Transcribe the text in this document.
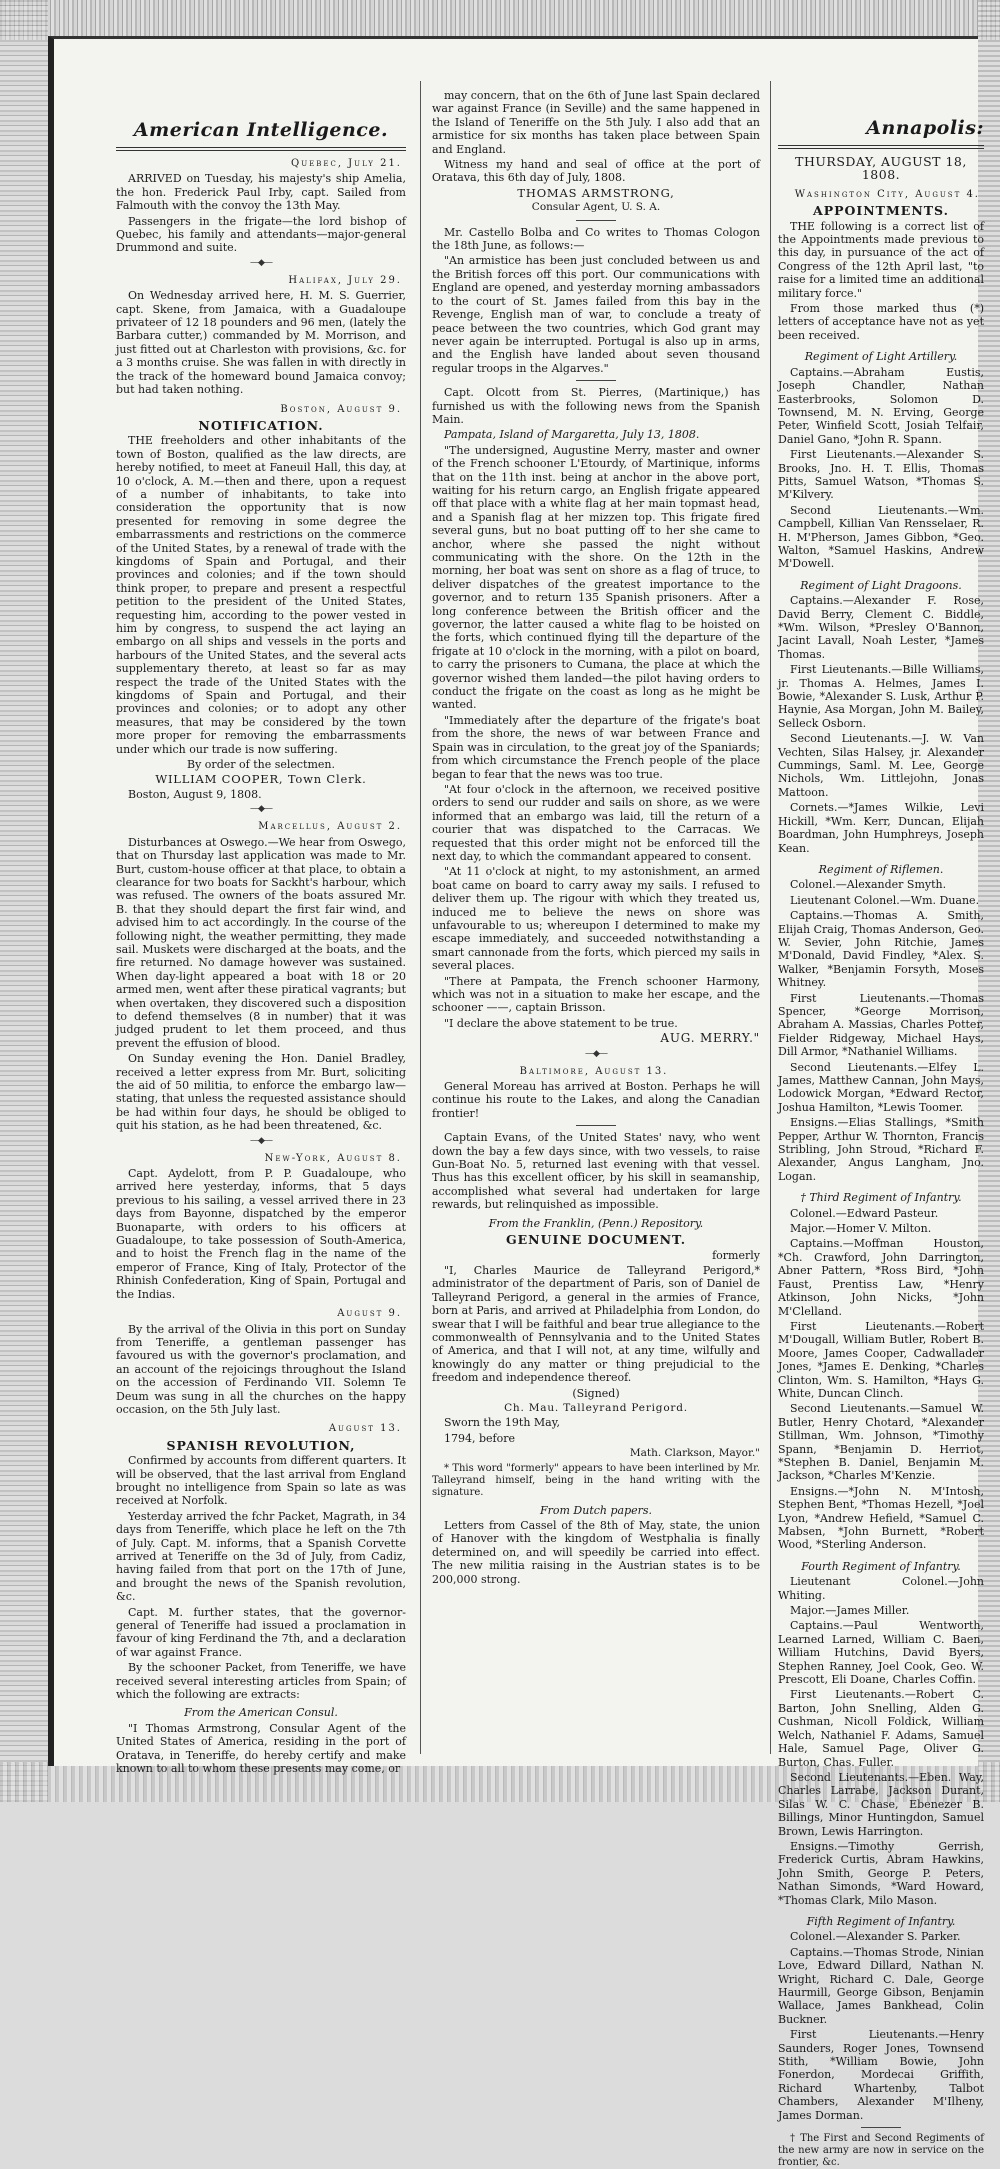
American Intelligence.

Quebec, July 21.

ARRIVED on Tuesday, his majesty's ship Amelia, the hon. Frederick Paul Irby, capt. Sailed from Falmouth with the convoy the 13th May.

Passengers in the frigate—the lord bishop of Quebec, his family and attendants—major-general Drummond and suite.

—◆—

Halifax, July 29.

On Wednesday arrived here, H. M. S. Guerrier, capt. Skene, from Jamaica, with a Guadaloupe privateer of 12 18 pounders and 96 men, (lately the Barbara cutter,) commanded by M. Morrison, and just fitted out at Charleston with provisions, &c. for a 3 months cruise. She was fallen in with directly in the track of the homeward bound Jamaica convoy; but had taken nothing.

Boston, August 9.

NOTIFICATION.

THE freeholders and other inhabitants of the town of Boston, qualified as the law directs, are hereby notified, to meet at Faneuil Hall, this day, at 10 o'clock, A. M.—then and there, upon a request of a number of inhabitants, to take into consideration the opportunity that is now presented for removing in some degree the embarrassments and restrictions on the commerce of the United States, by a renewal of trade with the kingdoms of Spain and Portugal, and their provinces and colonies; and if the town should think proper, to prepare and present a respectful petition to the president of the United States, requesting him, according to the power vested in him by congress, to suspend the act laying an embargo on all ships and vessels in the ports and harbours of the United States, and the several acts supplementary thereto, at least so far as may respect the trade of the United States with the kingdoms of Spain and Portugal, and their provinces and colonies; or to adopt any other measures, that may be considered by the town more proper for removing the embarrassments under which our trade is now suffering.

By order of the selectmen.

WILLIAM COOPER, Town Clerk.

Boston, August 9, 1808.

—◆—

Marcellus, August 2.

Disturbances at Oswego.—We hear from Oswego, that on Thursday last application was made to Mr. Burt, custom-house officer at that place, to obtain a clearance for two boats for Sackht's harbour, which was refused. The owners of the boats assured Mr. B. that they should depart the first fair wind, and advised him to act accordingly. In the course of the following night, the weather permitting, they made sail. Muskets were discharged at the boats, and the fire returned. No damage however was sustained. When day-light appeared a boat with 18 or 20 armed men, went after these piratical vagrants; but when overtaken, they discovered such a disposition to defend themselves (8 in number) that it was judged prudent to let them proceed, and thus prevent the effusion of blood.

On Sunday evening the Hon. Daniel Bradley, received a letter express from Mr. Burt, soliciting the aid of 50 militia, to enforce the embargo law—stating, that unless the requested assistance should be had within four days, he should be obliged to quit his station, as he had been threatened, &c.

—◆—

New-York, August 8.

Capt. Aydelott, from P. P. Guadaloupe, who arrived here yesterday, informs, that 5 days previous to his sailing, a vessel arrived there in 23 days from Bayonne, dispatched by the emperor Buonaparte, with orders to his officers at Guadaloupe, to take possession of South-America, and to hoist the French flag in the name of the emperor of France, King of Italy, Protector of the Rhinish Confederation, King of Spain, Portugal and the Indias.

August 9.

By the arrival of the Olivia in this port on Sunday from Teneriffe, a gentleman passenger has favoured us with the governor's proclamation, and an account of the rejoicings throughout the Island on the accession of Ferdinando VII. Solemn Te Deum was sung in all the churches on the happy occasion, on the 5th July last.

August 13.

SPANISH REVOLUTION,

Confirmed by accounts from different quarters. It will be observed, that the last arrival from England brought no intelligence from Spain so late as was received at Norfolk.

Yesterday arrived the fchr Packet, Magrath, in 34 days from Teneriffe, which place he left on the 7th of July. Capt. M. informs, that a Spanish Corvette arrived at Teneriffe on the 3d of July, from Cadiz, having failed from that port on the 17th of June, and brought the news of the Spanish revolution, &c.

Capt. M. further states, that the governor-general of Teneriffe had issued a proclamation in favour of king Ferdinand the 7th, and a declaration of war against France.

By the schooner Packet, from Teneriffe, we have received several interesting articles from Spain; of which the following are extracts:

From the American Consul.

"I Thomas Armstrong, Consular Agent of the United States of America, residing in the port of Oratava, in Teneriffe, do hereby certify and make known to all to whom these presents may come, or

may concern, that on the 6th of June last Spain declared war against France (in Seville) and the same happened in the Island of Teneriffe on the 5th July. I also add that an armistice for six months has taken place between Spain and England.

Witness my hand and seal of office at the port of Oratava, this 6th day of July, 1808.

THOMAS ARMSTRONG,

Consular Agent, U. S. A.

Mr. Castello Bolba and Co writes to Thomas Cologon the 18th June, as follows:—

"An armistice has been just concluded between us and the British forces off this port. Our communications with England are opened, and yesterday morning ambassadors to the court of St. James failed from this bay in the Revenge, English man of war, to conclude a treaty of peace between the two countries, which God grant may never again be interrupted. Portugal is also up in arms, and the English have landed about seven thousand regular troops in the Algarves."

Capt. Olcott from St. Pierres, (Martinique,) has furnished us with the following news from the Spanish Main.

Pampata, Island of Margaretta, July 13, 1808.

"The undersigned, Augustine Merry, master and owner of the French schooner L'Etourdy, of Martinique, informs that on the 11th inst. being at anchor in the above port, waiting for his return cargo, an English frigate appeared off that place with a white flag at her main topmast head, and a Spanish flag at her mizzen top. This frigate fired several guns, but no boat putting off to her she came to anchor, where she passed the night without communicating with the shore. On the 12th in the morning, her boat was sent on shore as a flag of truce, to deliver dispatches of the greatest importance to the governor, and to return 135 Spanish prisoners. After a long conference between the British officer and the governor, the latter caused a white flag to be hoisted on the forts, which continued flying till the departure of the frigate at 10 o'clock in the morning, with a pilot on board, to carry the prisoners to Cumana, the place at which the governor wished them landed—the pilot having orders to conduct the frigate on the coast as long as he might be wanted.

"Immediately after the departure of the frigate's boat from the shore, the news of war between France and Spain was in circulation, to the great joy of the Spaniards; from which circumstance the French people of the place began to fear that the news was too true.

"At four o'clock in the afternoon, we received positive orders to send our rudder and sails on shore, as we were informed that an embargo was laid, till the return of a courier that was dispatched to the Carracas. We requested that this order might not be enforced till the next day, to which the commandant appeared to consent.

"At 11 o'clock at night, to my astonishment, an armed boat came on board to carry away my sails. I refused to deliver them up. The rigour with which they treated us, induced me to believe the news on shore was unfavourable to us; whereupon I determined to make my escape immediately, and succeeded notwithstanding a smart cannonade from the forts, which pierced my sails in several places.

"There at Pampata, the French schooner Harmony, which was not in a situation to make her escape, and the schooner ——, captain Brisson.

"I declare the above statement to be true.

AUG. MERRY."

—◆—

Baltimore, August 13.

General Moreau has arrived at Boston. Perhaps he will continue his route to the Lakes, and along the Canadian frontier!

Captain Evans, of the United States' navy, who went down the bay a few days since, with two vessels, to raise Gun-Boat No. 5, returned last evening with that vessel. Thus has this excellent officer, by his skill in seamanship, accomplished what several had undertaken for large rewards, but relinquished as impossible.

From the Franklin, (Penn.) Repository.

GENUINE DOCUMENT.

formerly

"I, Charles Maurice de Talleyrand Perigord,* administrator of the department of Paris, son of Daniel de Talleyrand Perigord, a general in the armies of France, born at Paris, and arrived at Philadelphia from London, do swear that I will be faithful and bear true allegiance to the commonwealth of Pennsylvania and to the United States of America, and that I will not, at any time, wilfully and knowingly do any matter or thing prejudicial to the freedom and independence thereof.

(Signed)

Ch. Mau. Talleyrand Perigord.

Sworn the 19th May,

1794, before

Math. Clarkson, Mayor."

* This word "formerly" appears to have been interlined by Mr. Talleyrand himself, being in the hand writing with the signature.

From Dutch papers.

Letters from Cassel of the 8th of May, state, the union of Hanover with the kingdom of Westphalia is finally determined on, and will speedily be carried into effect. The new militia raising in the Austrian states is to be 200,000 strong.

Annapolis:

THURSDAY, AUGUST 18, 1808.

Washington City, August 4.

APPOINTMENTS.

THE following is a correct list of the Appointments made previous to this day, in pursuance of the act of Congress of the 12th April last, "to raise for a limited time an additional military force."

From those marked thus (*) letters of acceptance have not as yet been received.

Regiment of Light Artillery.

Captains.—Abraham Eustis, Joseph Chandler, Nathan Easterbrooks, Solomon D. Townsend, M. N. Erving, George Peter, Winfield Scott, Josiah Telfair, Daniel Gano, *John R. Spann.

First Lieutenants.—Alexander S. Brooks, Jno. H. T. Ellis, Thomas Pitts, Samuel Watson, *Thomas S. M'Kilvery.

Second Lieutenants.—Wm. Campbell, Killian Van Rensselaer, R. H. M'Pherson, James Gibbon, *Geo. Walton, *Samuel Haskins, Andrew M'Dowell.

Regiment of Light Dragoons.

Captains.—Alexander F. Rose, David Berry, Clement C. Biddle, *Wm. Wilson, *Presley O'Bannon, Jacint Lavall, Noah Lester, *James Thomas.

First Lieutenants.—Bille Williams, jr. Thomas A. Helmes, James I. Bowie, *Alexander S. Lusk, Arthur P. Haynie, Asa Morgan, John M. Bailey, Selleck Osborn.

Second Lieutenants.—J. W. Van Vechten, Silas Halsey, jr. Alexander Cummings, Saml. M. Lee, George Nichols, Wm. Littlejohn, Jonas Mattoon.

Cornets.—*James Wilkie, Levi Hickill, *Wm. Kerr, Duncan, Elijah Boardman, John Humphreys, Joseph Kean.

Regiment of Riflemen.

Colonel.—Alexander Smyth.

Lieutenant Colonel.—Wm. Duane.

Captains.—Thomas A. Smith, Elijah Craig, Thomas Anderson, Geo. W. Sevier, John Ritchie, James M'Donald, David Findley, *Alex. S. Walker, *Benjamin Forsyth, Moses Whitney.

First Lieutenants.—Thomas Spencer, *George Morrison, Abraham A. Massias, Charles Potter, Fielder Ridgeway, Michael Hays, Dill Armor, *Nathaniel Williams.

Second Lieutenants.—Elfey L. James, Matthew Cannan, John Mays, Lodowick Morgan, *Edward Rector, Joshua Hamilton, *Lewis Toomer.

Ensigns.—Elias Stallings, *Smith Pepper, Arthur W. Thornton, Francis Stribling, John Stroud, *Richard F. Alexander, Angus Langham, Jno. Logan.

† Third Regiment of Infantry.

Colonel.—Edward Pasteur.

Major.—Homer V. Milton.

Captains.—Moffman Houston, *Ch. Crawford, John Darrington, Abner Pattern, *Ross Bird, *John Faust, Prentiss Law, *Henry Atkinson, John Nicks, *John M'Clelland.

First Lieutenants.—Robert M'Dougall, William Butler, Robert B. Moore, James Cooper, Cadwallader Jones, *James E. Denking, *Charles Clinton, Wm. S. Hamilton, *Hays G. White, Duncan Clinch.

Second Lieutenants.—Samuel W. Butler, Henry Chotard, *Alexander Stillman, Wm. Johnson, *Timothy Spann, *Benjamin D. Herriot, *Stephen B. Daniel, Benjamin M. Jackson, *Charles M'Kenzie.

Ensigns.—*John N. M'Intosh, Stephen Bent, *Thomas Hezell, *Joel Lyon, *Andrew Hefield, *Samuel C. Mabsen, *John Burnett, *Robert Wood, *Sterling Anderson.

Fourth Regiment of Infantry.

Lieutenant Colonel.—John Whiting.

Major.—James Miller.

Captains.—Paul Wentworth, Learned Larned, William C. Baen, William Hutchins, David Byers, Stephen Ranney, Joel Cook, Geo. W. Prescott, Eli Doane, Charles Coffin.

First Lieutenants.—Robert C. Barton, John Snelling, Alden G. Cushman, Nicoll Foldick, William Welch, Nathaniel F. Adams, Samuel Hale, Samuel Page, Oliver G. Burton, Chas. Fuller.

Second Lieutenants.—Eben. Way, Charles Larrabe, Jackson Durant, Silas W. C. Chase, Ebenezer B. Billings, Minor Huntingdon, Samuel Brown, Lewis Harrington.

Ensigns.—Timothy Gerrish, Frederick Curtis, Abram Hawkins, John Smith, George P. Peters, Nathan Simonds, *Ward Howard, *Thomas Clark, Milo Mason.

Fifth Regiment of Infantry.

Colonel.—Alexander S. Parker.

Captains.—Thomas Strode, Ninian Love, Edward Dillard, Nathan N. Wright, Richard C. Dale, George Haurmill, George Gibson, Benjamin Wallace, James Bankhead, Colin Buckner.

First Lieutenants.—Henry Saunders, Roger Jones, Townsend Stith, *William Bowie, John Fonerdon, Mordecai Griffith, Richard Whartenby, Talbot Chambers, Alexander M'Ilheny, James Dorman.

† The First and Second Regiments of the new army are now in service on the frontier, &c.
